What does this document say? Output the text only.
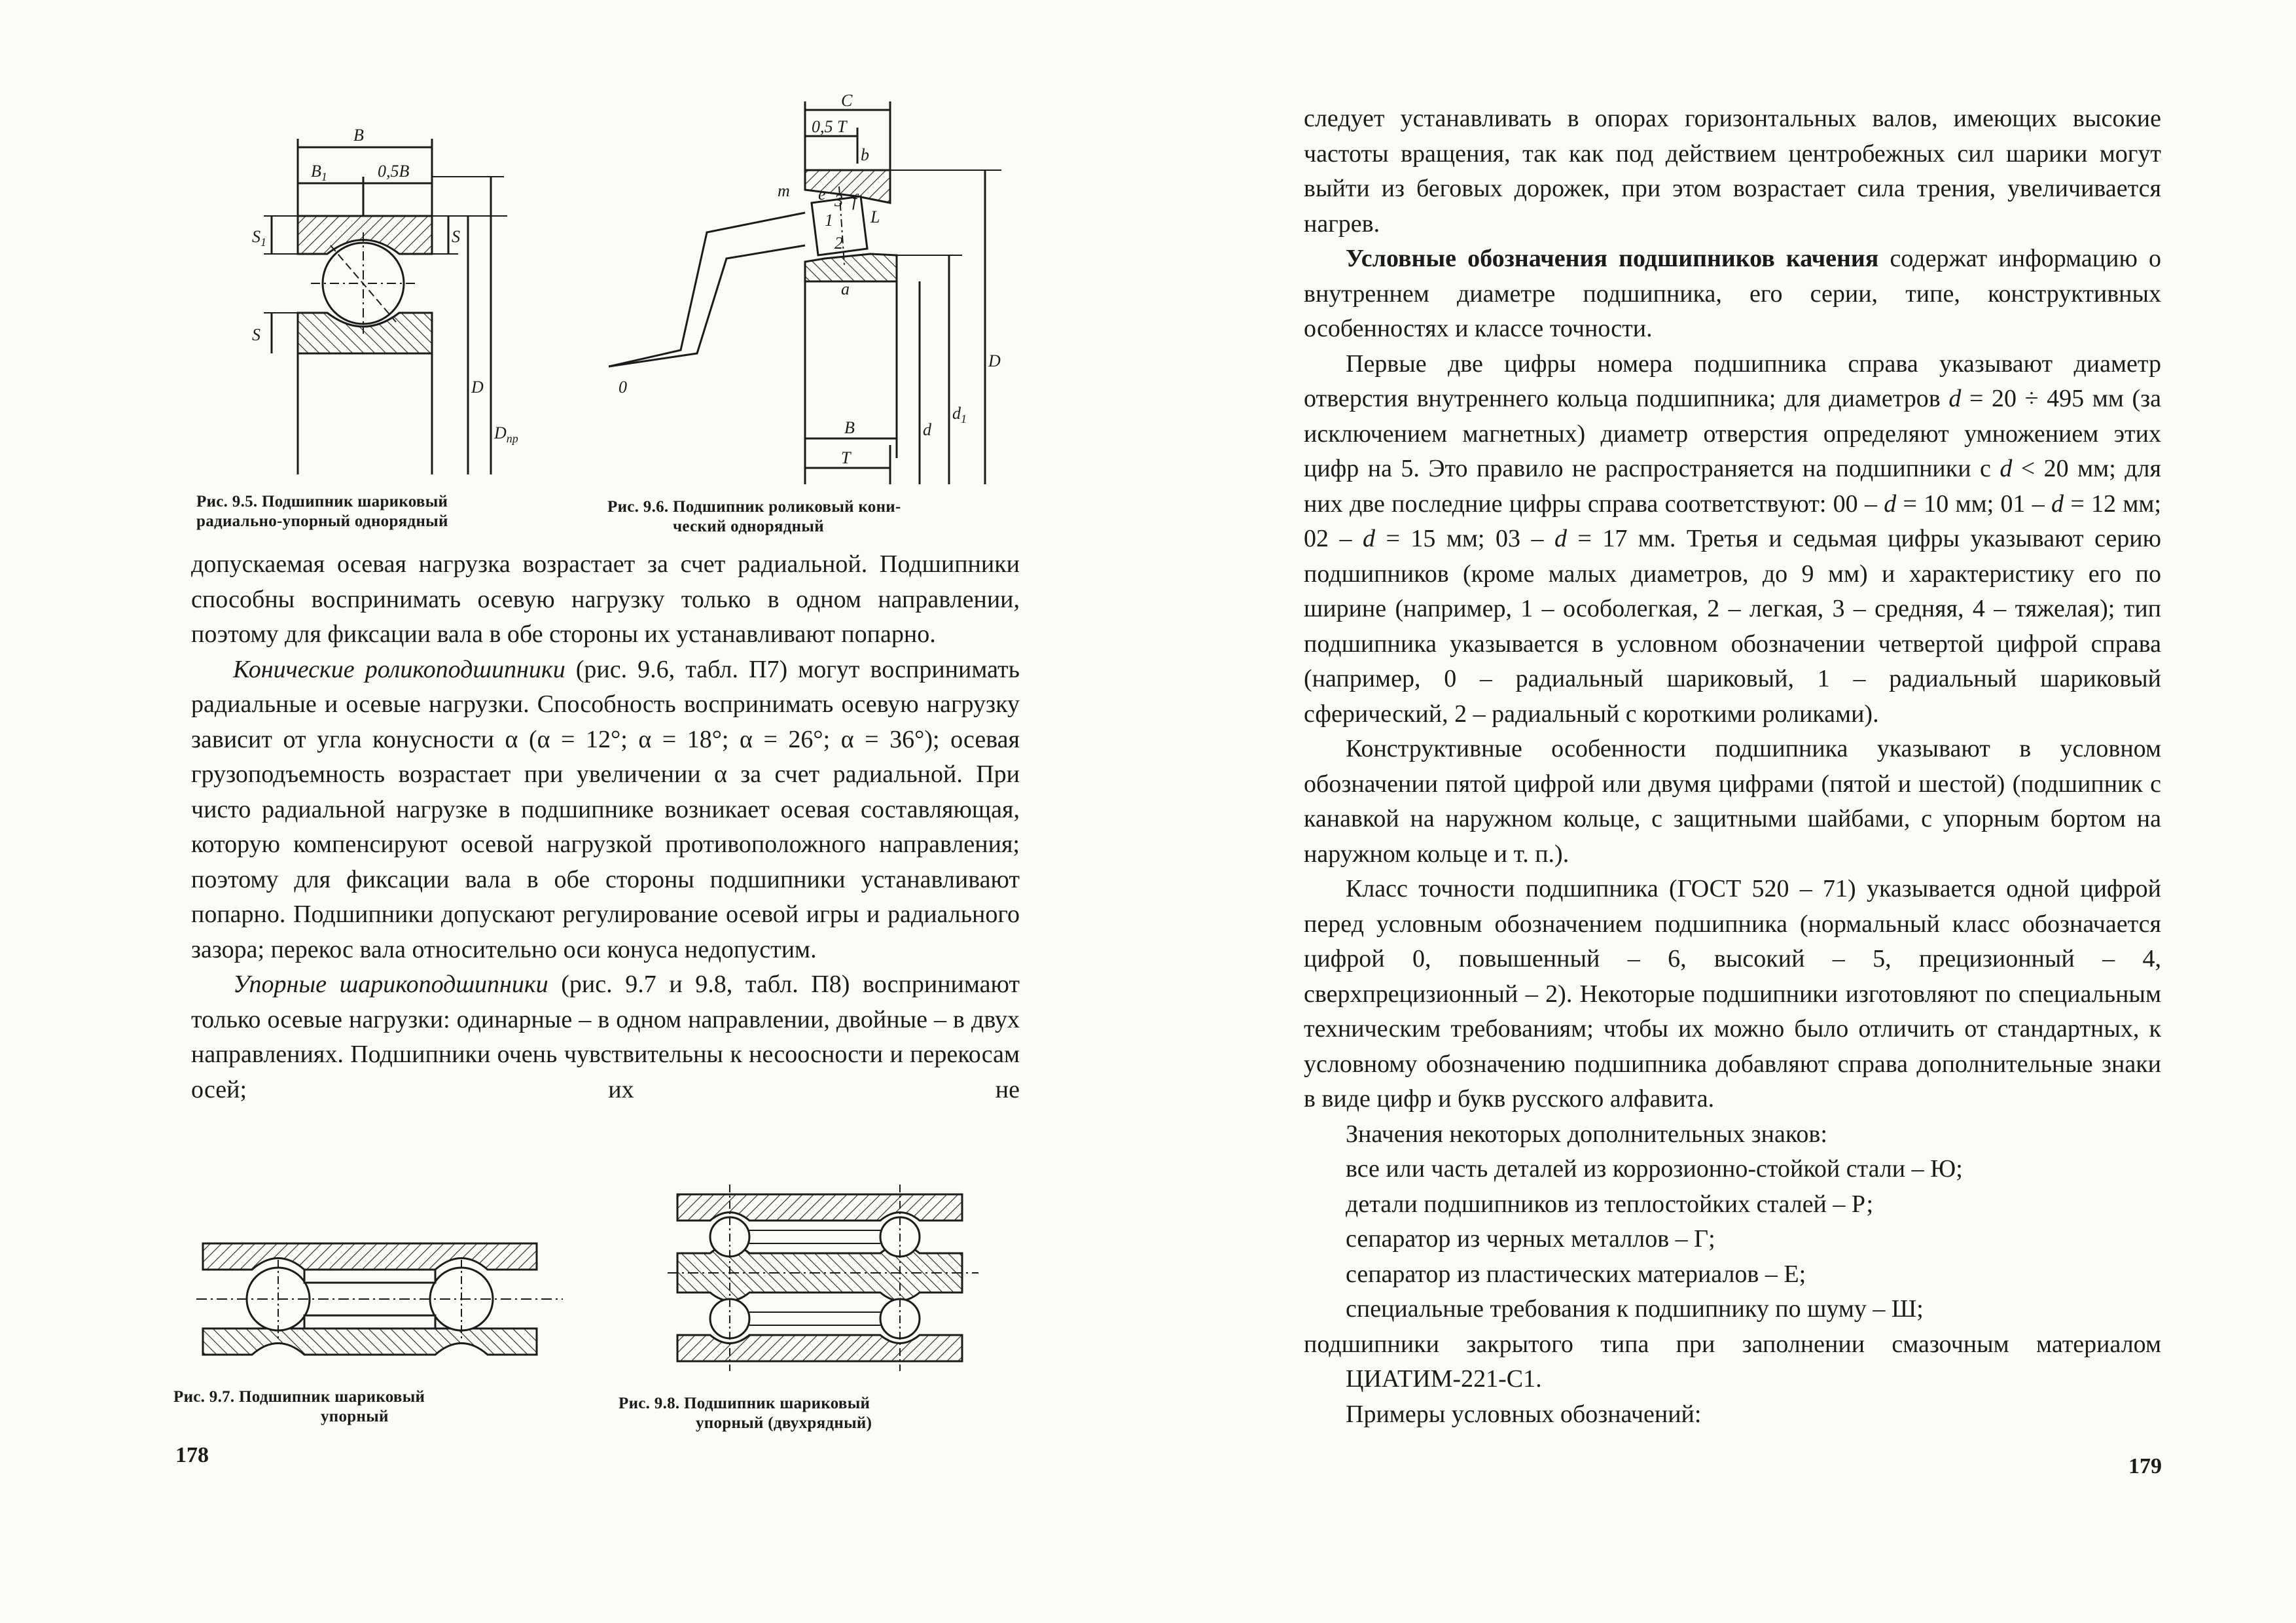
B
$B_1$	0,5B
$S_1$
S
S
D
$D_{пр}$
Рис. 9.5. Подшипник шариковый
радиально-упорный однорядный
C
0,5 T
b
m e 3 f
L
1
2
a
0
B
T
d
$d_1$
D
Рис. 9.6. Подшипник роликовый кони-
ческий однорядный

допускаемая осевая нагрузка возрастает за счет радиальной. Подшипники способны воспринимать осевую нагрузку только в одном направлении, поэтому для фиксации вала в обе стороны их устанавливают попарно.

Конические роликоподшипники (рис. 9.6, табл. П7) могут воспринимать радиальные и осевые нагрузки. Способность воспринимать осевую нагрузку зависит от угла конусности α (α = 12°; α = 18°; α = 26°; α = 36°); осевая грузоподъемность возрастает при увеличении α за счет радиальной. При чисто радиальной нагрузке в подшипнике возникает осевая составляющая, которую компенсируют осевой нагрузкой противоположного направления; поэтому для фиксации вала в обе стороны подшипники устанавливают попарно. Подшипники допускают регулирование осевой игры и радиального зазора; перекос вала относительно оси конуса недопустим.

Упорные шарикоподшипники (рис. 9.7 и 9.8, табл. П8) воспринимают только осевые нагрузки: одинарные – в одном направлении, двойные – в двух направлениях. Подшипники очень чувствительны к несоосности и перекосам осей; их не

Рис. 9.7. Подшипник шариковый
упорный
Рис. 9.8. Подшипник шариковый
упорный (двухрядный)
178

следует устанавливать в опорах горизонтальных валов, имеющих высокие частоты вращения, так как под действием центробежных сил шарики могут выйти из беговых дорожек, при этом возрастает сила трения, увеличивается нагрев.

Условные обозначения подшипников качения содержат информацию о внутреннем диаметре подшипника, его серии, типе, конструктивных особенностях и классе точности.

Первые две цифры номера подшипника справа указывают диаметр отверстия внутреннего кольца подшипника; для диаметров d = 20 ÷ 495 мм (за исключением магнетных) диаметр отверстия определяют умножением этих цифр на 5. Это правило не распространяется на подшипники с d < 20 мм; для них две последние цифры справа соответствуют: 00 – d = 10 мм; 01 – d = 12 мм; 02 – d = 15 мм; 03 – d = 17 мм. Третья и седьмая цифры указывают серию подшипников (кроме малых диаметров, до 9 мм) и характеристику его по ширине (например, 1 – особолегкая, 2 – легкая, 3 – средняя, 4 – тяжелая); тип подшипника указывается в условном обозначении четвертой цифрой справа (например, 0 – радиальный шариковый, 1 – радиальный шариковый сферический, 2 – радиальный с короткими роликами).

Конструктивные особенности подшипника указывают в условном обозначении пятой цифрой или двумя цифрами (пятой и шестой) (подшипник с канавкой на наружном кольце, с защитными шайбами, с упорным бортом на наружном кольце и т. п.).

Класс точности подшипника (ГОСТ 520 – 71) указывается одной цифрой перед условным обозначением подшипника (нормальный класс обозначается цифрой 0, повышенный – 6, высокий – 5, прецизионный – 4, сверхпрецизионный – 2). Некоторые подшипники изготовляют по специальным техническим требованиям; чтобы их можно было отличить от стандартных, к условному обозначению подшипника добавляют справа дополнительные знаки в виде цифр и букв русского алфавита.

Значения некоторых дополнительных знаков:

все или часть деталей из коррозионно-стойкой стали – Ю;

детали подшипников из теплостойких сталей – Р;

сепаратор из черных металлов – Г;

сепаратор из пластических материалов – Е;

специальные требования к подшипнику по шуму – Ш;

подшипники закрытого типа при заполнении смазочным материалом ЦИАТИМ-221-С1.

Примеры условных обозначений:

179
